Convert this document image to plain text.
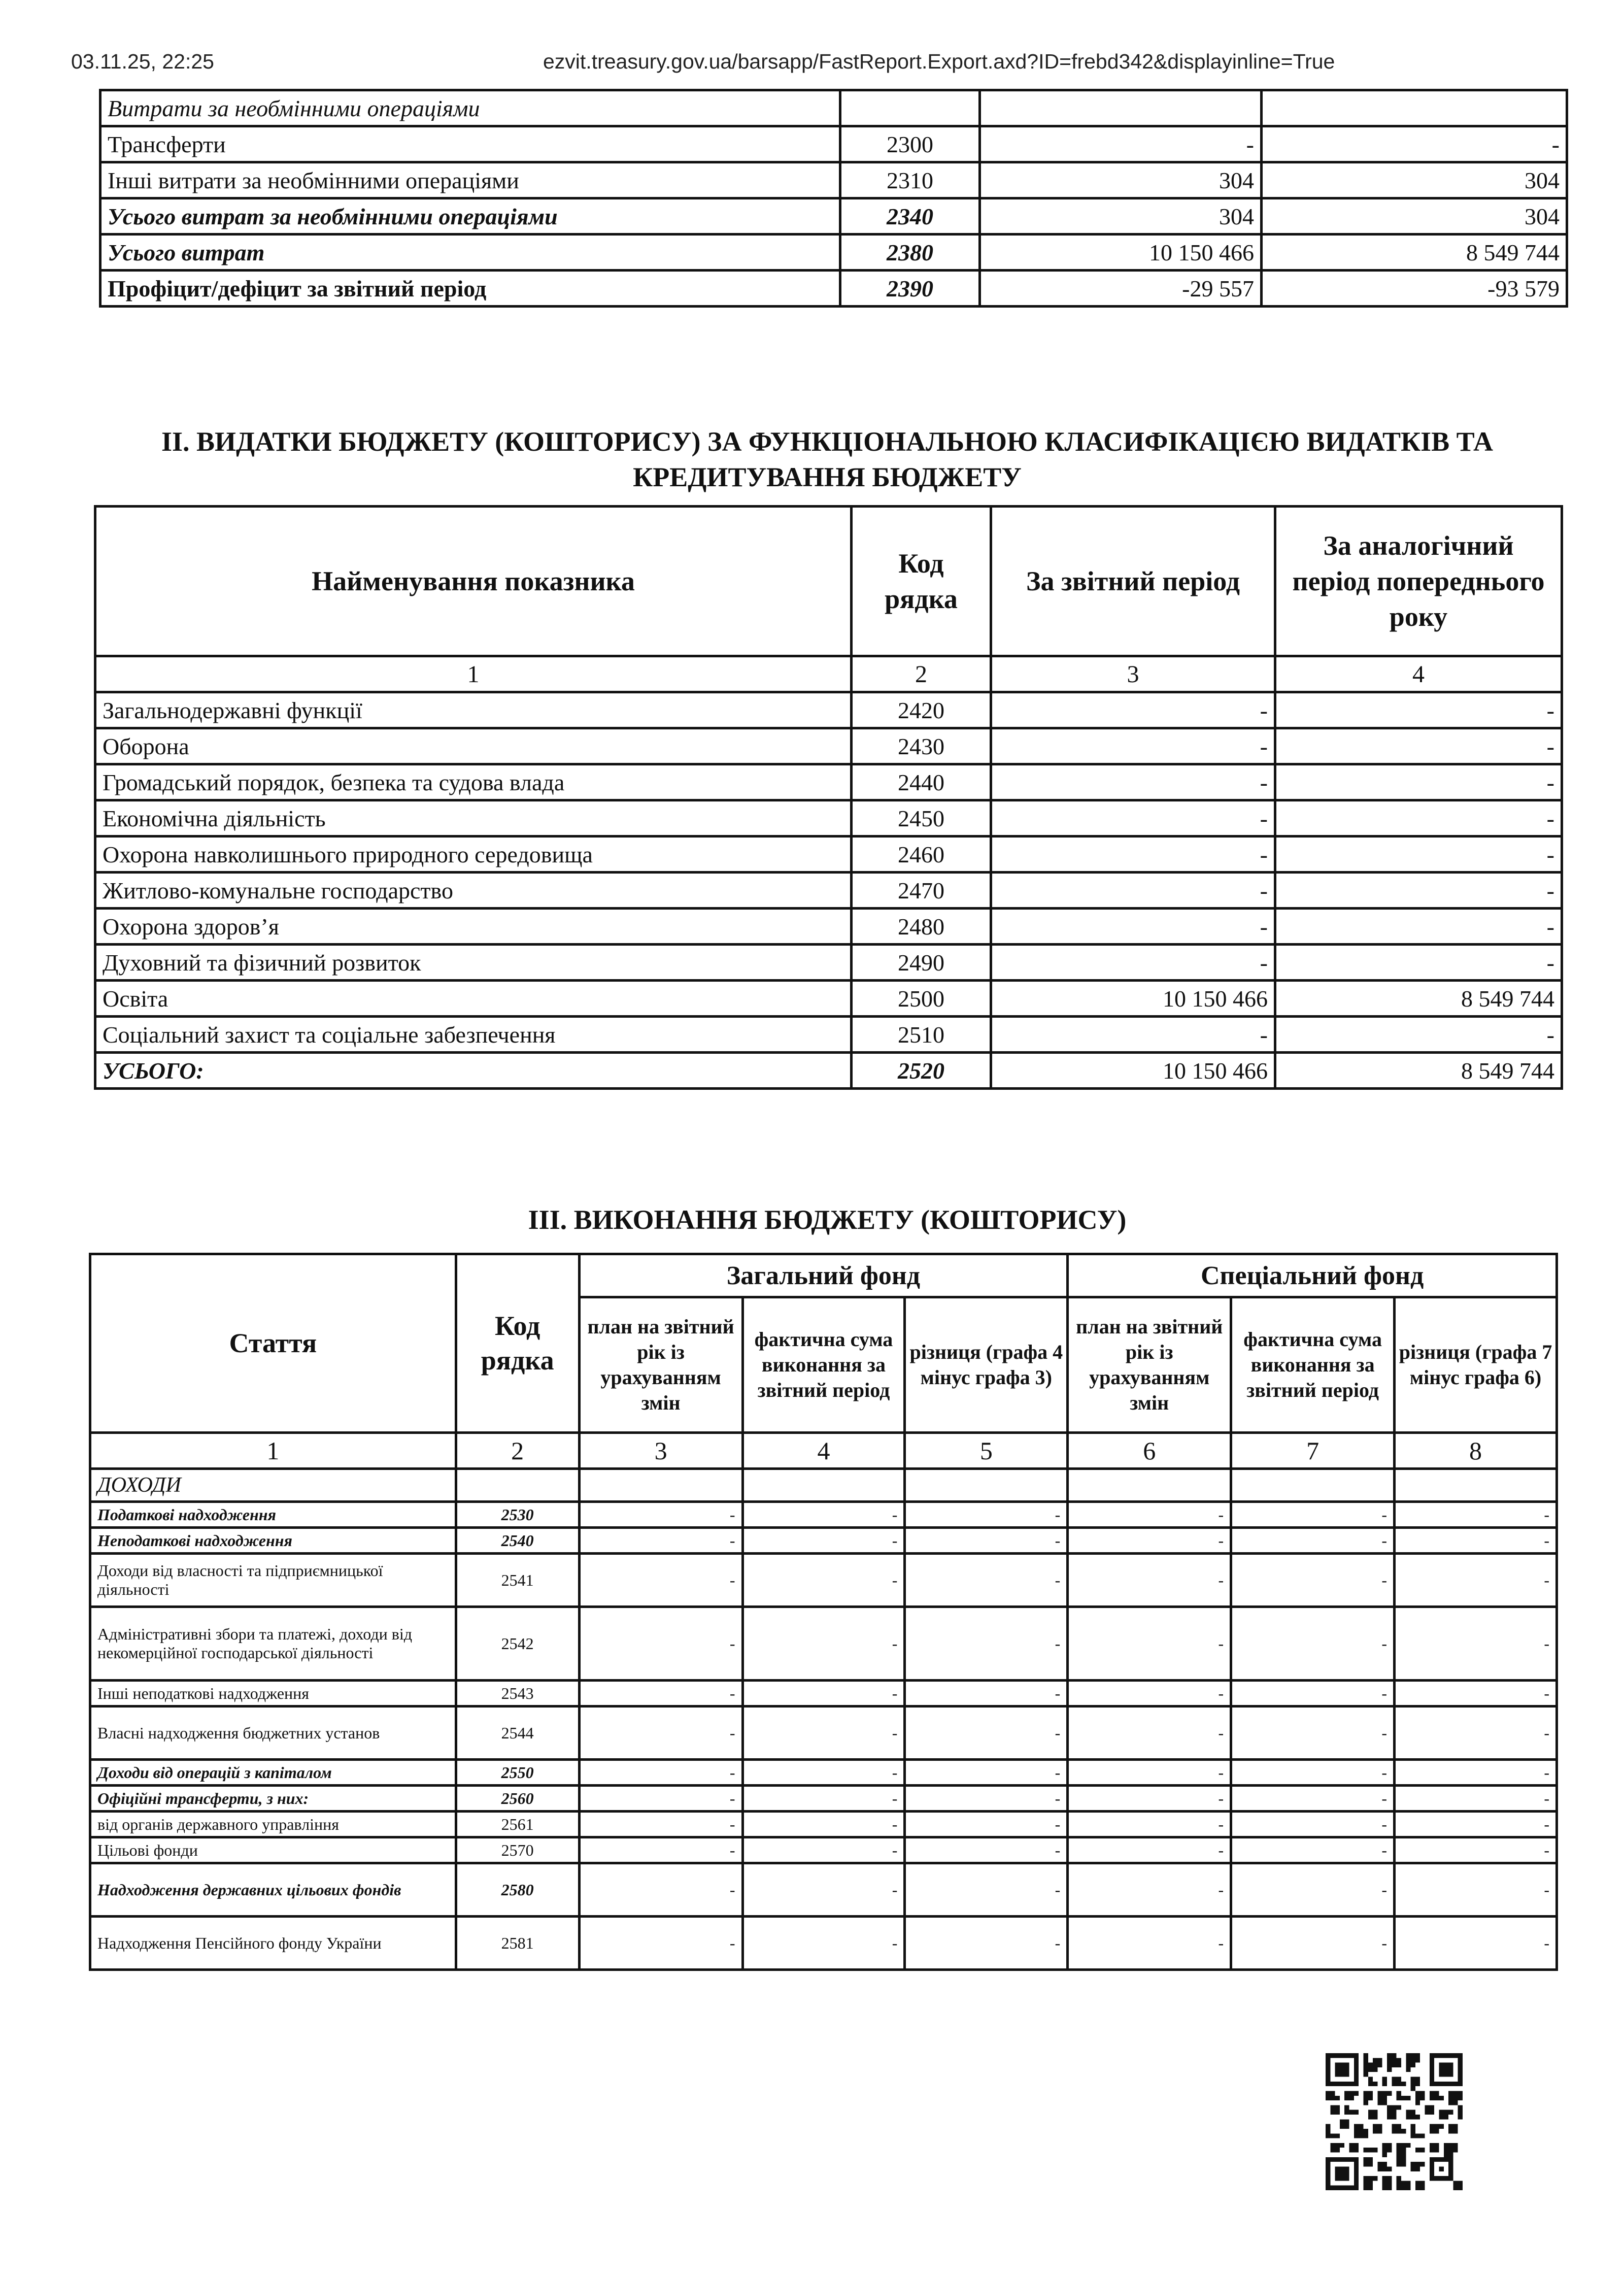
03.11.25, 22:25	ezvit.treasury.gov.ua/barsapp/FastReport.Export.axd?ID=frebd342&displayinline=True
Витрати за необмінними операціями			
Трансферти	2300	-	-
Інші витрати за необмінними операціями	2310	304	304
Усього витрат за необмінними операціями	2340	304	304
Усього витрат	2380	10 150 466	8 549 744
Профіцит/дефіцит за звітний період	2390	-29 557	-93 579
II. ВИДАТКИ БЮДЖЕТУ (КОШТОРИСУ) ЗА ФУНКЦІОНАЛЬНОЮ КЛАСИФІКАЦІЄЮ ВИДАТКІВ ТА
КРЕДИТУВАННЯ БЮДЖЕТУ
Найменування показника	Код рядка	За звітний період	За аналогічний період попереднього року
1	2	3	4
Загальнодержавні функції	2420	-	-
Оборона	2430	-	-
Громадський порядок, безпека та судова влада	2440	-	-
Економічна діяльність	2450	-	-
Охорона навколишнього природного середовища	2460	-	-
Житлово-комунальне господарство	2470	-	-
Охорона здоров’я	2480	-	-
Духовний та фізичний розвиток	2490	-	-
Освіта	2500	10 150 466	8 549 744
Соціальний захист та соціальне забезпечення	2510	-	-
УСЬОГО:	2520	10 150 466	8 549 744
III. ВИКОНАННЯ БЮДЖЕТУ (КОШТОРИСУ)
Стаття	Код рядка	Загальний фонд			Спеціальний фонд		
		план на звітний рік із урахуванням змін	фактична сума виконання за звітний період	різниця (графа 4 мінус графа 3)	план на звітний рік із урахуванням змін	фактична сума виконання за звітний період	різниця (графа 7 мінус графа 6)
1	2	3	4	5	6	7	8
ДОХОДИ							
Податкові надходження	2530	-	-	-	-	-	-
Неподаткові надходження	2540	-	-	-	-	-	-
Доходи від власності та підприємницької діяльності	2541	-	-	-	-	-	-
Адміністративні збори та платежі, доходи від некомерційної господарської діяльності	2542	-	-	-	-	-	-
Інші неподаткові надходження	2543	-	-	-	-	-	-
Власні надходження бюджетних установ	2544	-	-	-	-	-	-
Доходи від операцій з капіталом	2550	-	-	-	-	-	-
Офіційні трансферти, з них:	2560	-	-	-	-	-	-
від органів державного управління	2561	-	-	-	-	-	-
Цільові фонди	2570	-	-	-	-	-	-
Надходження державних цільових фондів	2580	-	-	-	-	-	-
Надходження Пенсійного фонду України	2581	-	-	-	-	-	-
